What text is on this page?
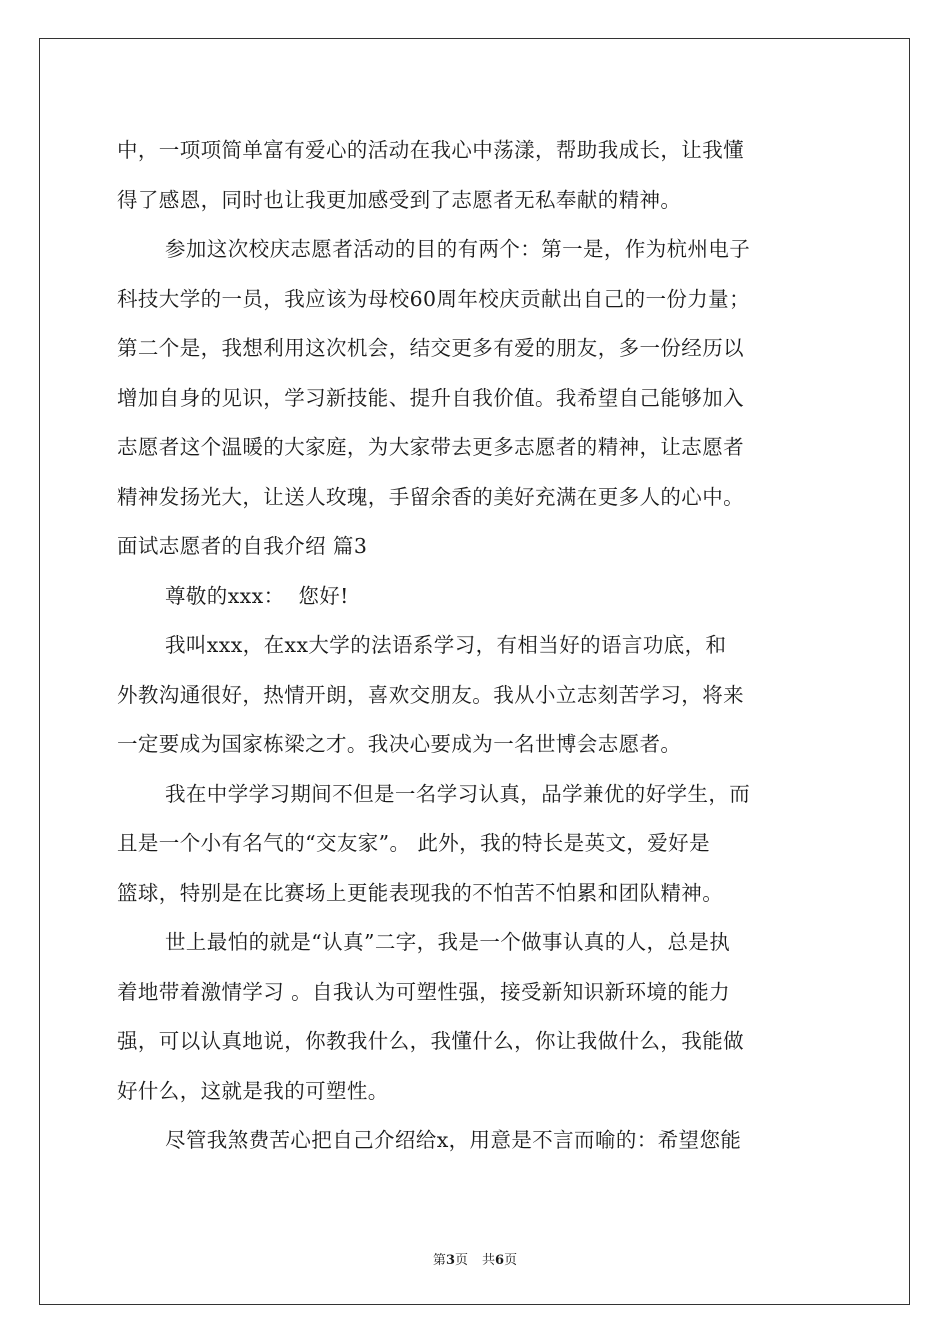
中，一项项简单富有爱心的活动在我心中荡漾，帮助我成长，让我懂
得了感恩，同时也让我更加感受到了志愿者无私奉献的精神。
参加这次校庆志愿者活动的目的有两个：第一是，作为杭州电子
科技大学的一员，我应该为母校60周年校庆贡献出自己的一份力量；
第二个是，我想利用这次机会，结交更多有爱的朋友，多一份经历以
增加自身的见识，学习新技能、提升自我价值。我希望自己能够加入
志愿者这个温暖的大家庭，为大家带去更多志愿者的精神，让志愿者
精神发扬光大，让送人玫瑰，手留余香的美好充满在更多人的心中。
面试志愿者的自我介绍 篇3
尊敬的xxx：  您好!
我叫xxx，在xx大学的法语系学习，有相当好的语言功底，和
外教沟通很好，热情开朗，喜欢交朋友。我从小立志刻苦学习，将来
一定要成为国家栋梁之才。我决心要成为一名世博会志愿者。
我在中学学习期间不但是一名学习认真，品学兼优的好学生，而
且是一个小有名气的“交友家”。 此外，我的特长是英文，爱好是
篮球，特别是在比赛场上更能表现我的不怕苦不怕累和团队精神。
世上最怕的就是“认真”二字，我是一个做事认真的人，总是执
着地带着激情学习 。自我认为可塑性强，接受新知识新环境的能力
强，可以认真地说，你教我什么，我懂什么，你让我做什么，我能做
好什么，这就是我的可塑性。
尽管我煞费苦心把自己介绍给x，用意是不言而喻的：希望您能
第3页 共6页
